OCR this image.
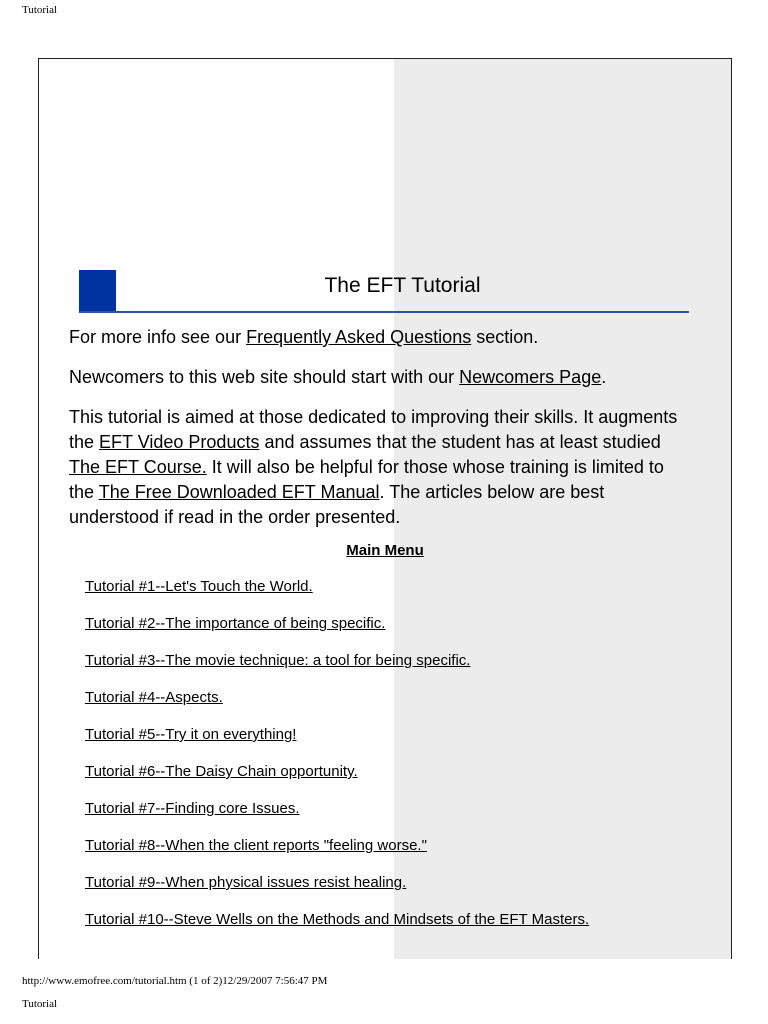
Tutorial
The EFT Tutorial
For more info see our Frequently Asked Questions section.
Newcomers to this web site should start with our Newcomers Page.
This tutorial is aimed at those dedicated to improving their skills. It augments the EFT Video Products and assumes that the student has at least studied The EFT Course. It will also be helpful for those whose training is limited to the The Free Downloaded EFT Manual. The articles below are best understood if read in the order presented.
Main Menu
Tutorial #1--Let's Touch the World.
Tutorial #2--The importance of being specific.
Tutorial #3--The movie technique: a tool for being specific.
Tutorial #4--Aspects.
Tutorial #5--Try it on everything!
Tutorial #6--The Daisy Chain opportunity.
Tutorial #7--Finding core Issues.
Tutorial #8--When the client reports "feeling worse."
Tutorial #9--When physical issues resist healing.
Tutorial #10--Steve Wells on the Methods and Mindsets of the EFT Masters.
http://www.emofree.com/tutorial.htm (1 of 2)12/29/2007 7:56:47 PM
Tutorial
